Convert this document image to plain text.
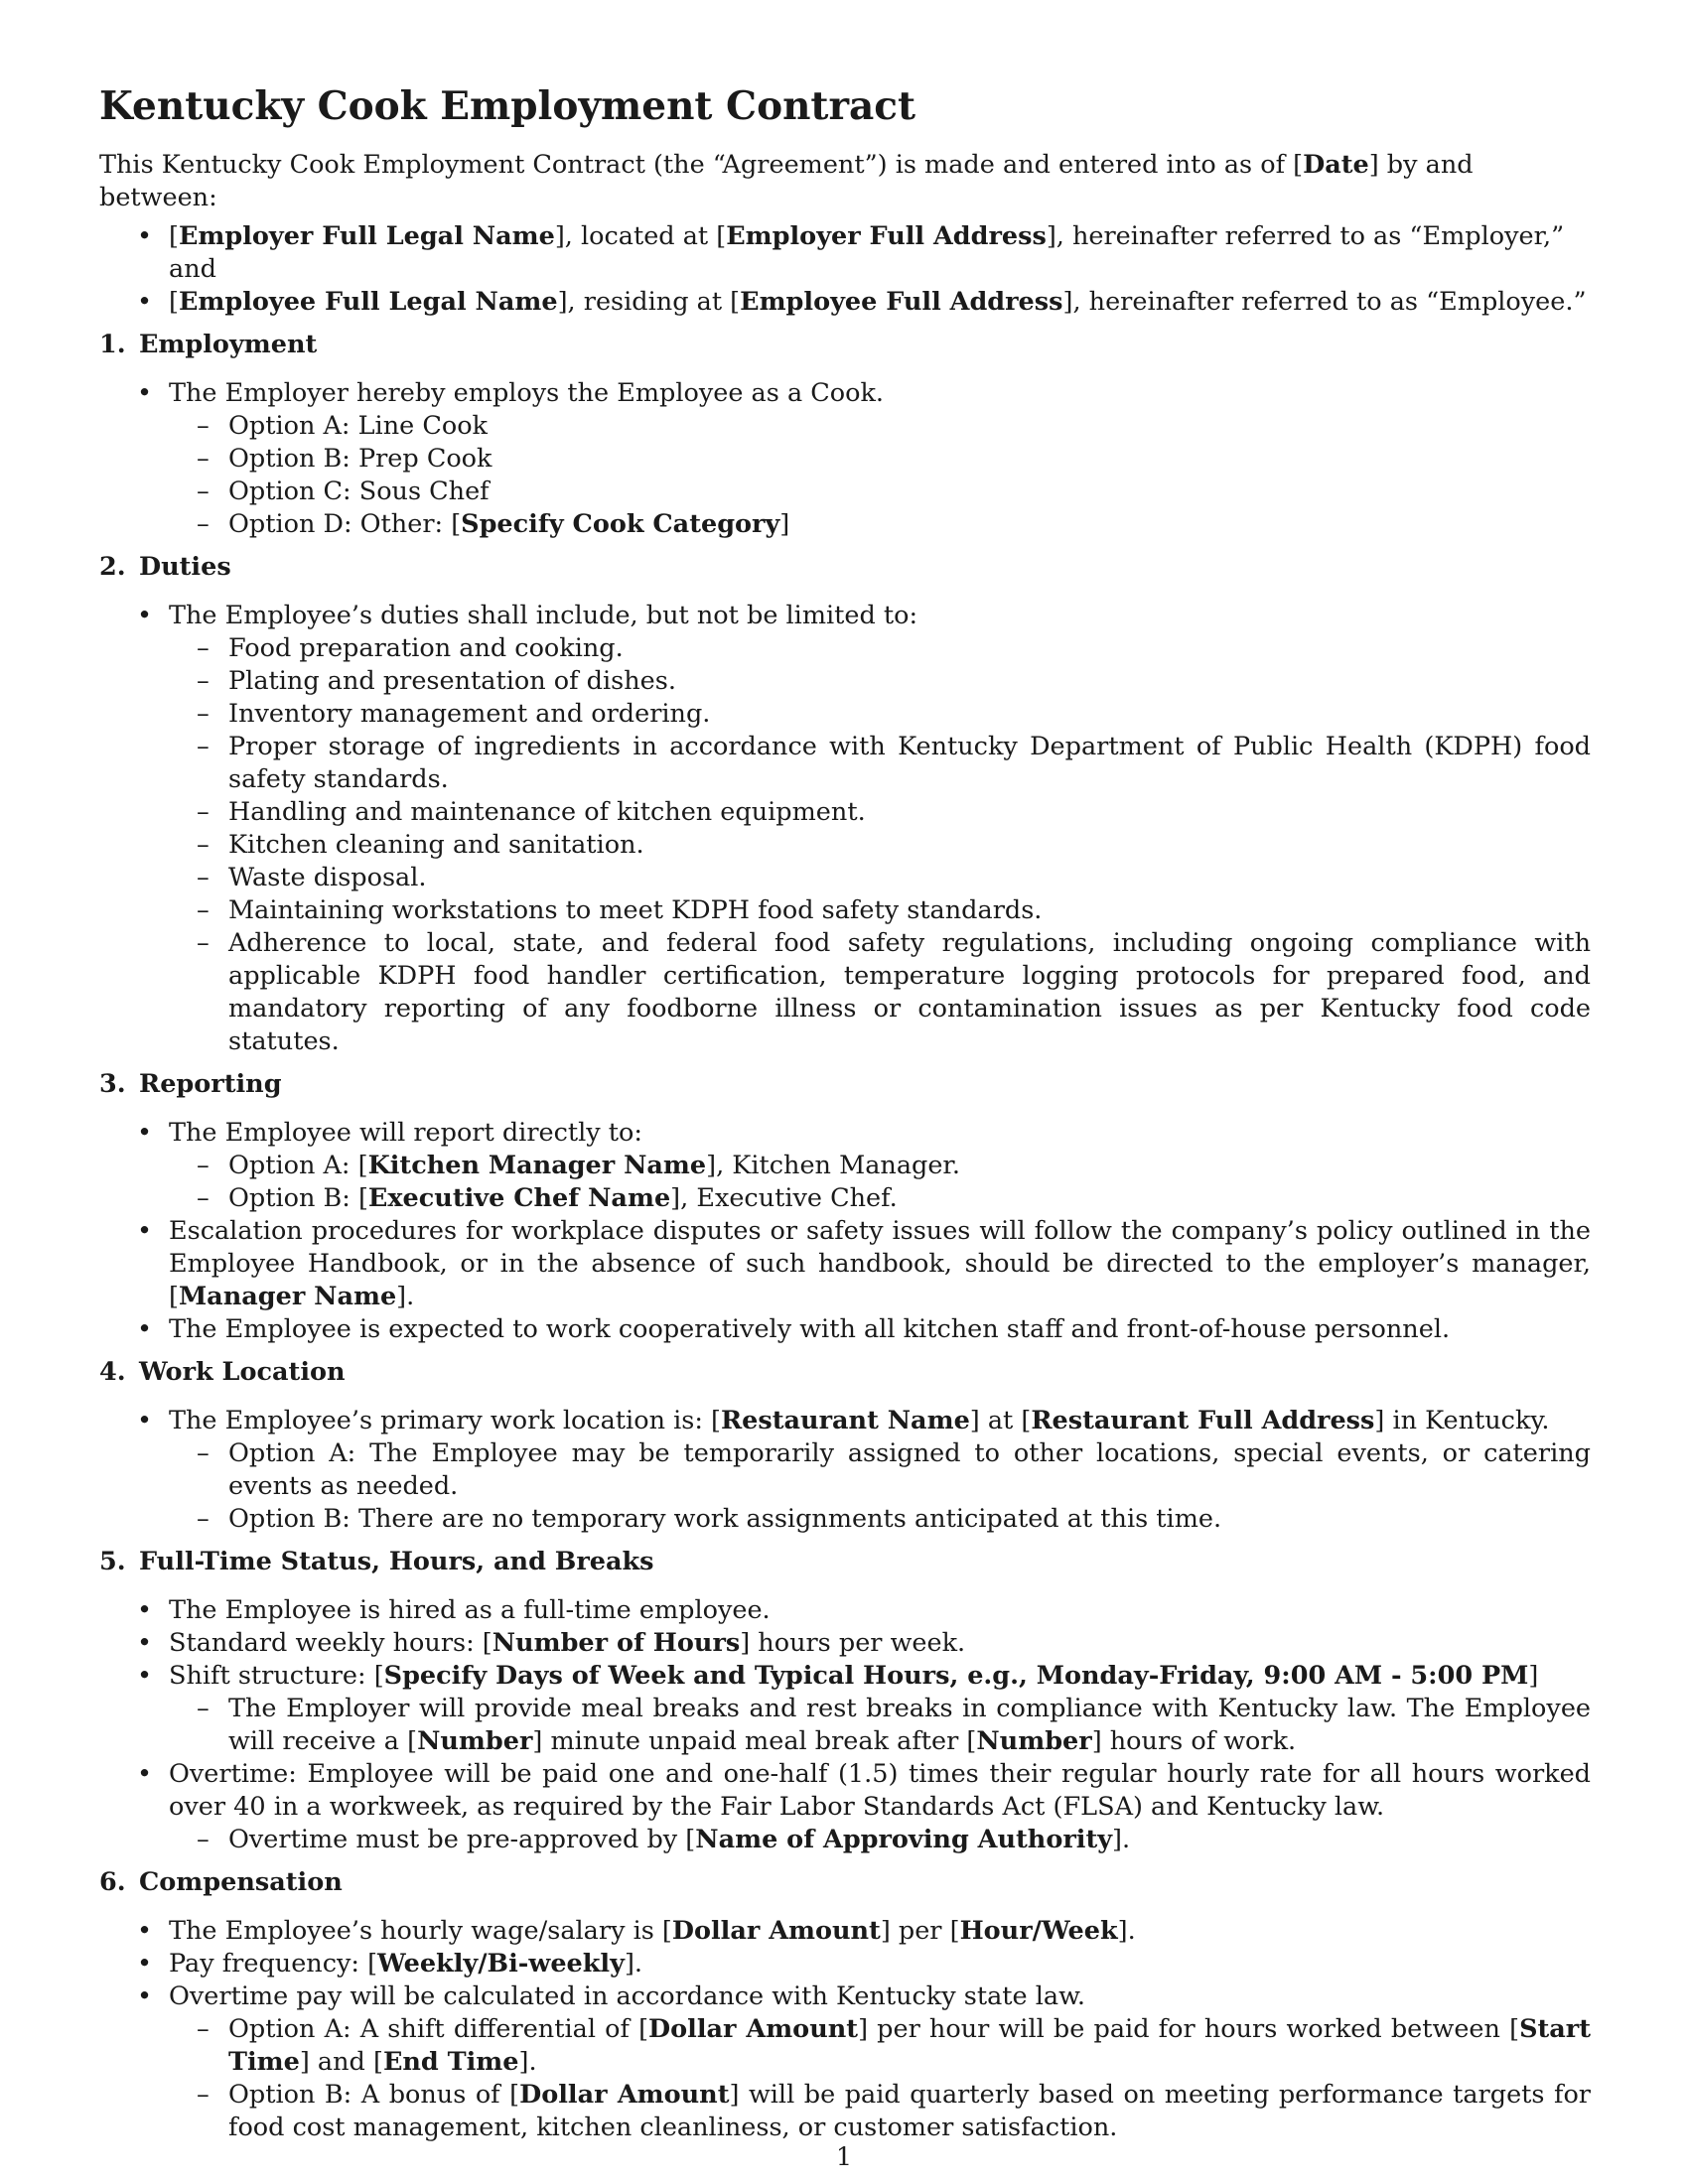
Kentucky Cook Employment Contract

This Kentucky Cook Employment Contract (the “Agreement”) is made and entered into as of [Date] by and between:

• [Employer Full Legal Name], located at [Employer Full Address], hereinafter referred to as “Employer,” and
• [Employee Full Legal Name], residing at [Employee Full Address], hereinafter referred to as “Employee.”
1. Employment
• The Employer hereby employs the Employee as a Cook.
– Option A: Line Cook
– Option B: Prep Cook
– Option C: Sous Chef
– Option D: Other: [Specify Cook Category]
2. Duties
• The Employee’s duties shall include, but not be limited to:
– Food preparation and cooking.
– Plating and presentation of dishes.
– Inventory management and ordering.
– Proper storage of ingredients in accordance with Kentucky Department of Public Health (KDPH) food safety standards.
– Handling and maintenance of kitchen equipment.
– Kitchen cleaning and sanitation.
– Waste disposal.
– Maintaining workstations to meet KDPH food safety standards.
– Adherence to local, state, and federal food safety regulations, including ongoing compliance with applicable KDPH food handler certification, temperature logging protocols for prepared food, and mandatory reporting of any foodborne illness or contamination issues as per Kentucky food code statutes.
3. Reporting
• The Employee will report directly to:
– Option A: [Kitchen Manager Name], Kitchen Manager.
– Option B: [Executive Chef Name], Executive Chef.
• Escalation procedures for workplace disputes or safety issues will follow the company’s policy outlined in the Employee Handbook, or in the absence of such handbook, should be directed to the employer’s manager, [Manager Name].
• The Employee is expected to work cooperatively with all kitchen staff and front-of-house personnel.
4. Work Location
• The Employee’s primary work location is: [Restaurant Name] at [Restaurant Full Address] in Kentucky.
– Option A: The Employee may be temporarily assigned to other locations, special events, or catering events as needed.
– Option B: There are no temporary work assignments anticipated at this time.
5. Full-Time Status, Hours, and Breaks
• The Employee is hired as a full-time employee.
• Standard weekly hours: [Number of Hours] hours per week.
• Shift structure: [Specify Days of Week and Typical Hours, e.g., Monday-Friday, 9:00 AM - 5:00 PM]
– The Employer will provide meal breaks and rest breaks in compliance with Kentucky law. The Employee will receive a [Number] minute unpaid meal break after [Number] hours of work.
• Overtime: Employee will be paid one and one-half (1.5) times their regular hourly rate for all hours worked over 40 in a workweek, as required by the Fair Labor Standards Act (FLSA) and Kentucky law.
– Overtime must be pre-approved by [Name of Approving Authority].
6. Compensation
• The Employee’s hourly wage/salary is [Dollar Amount] per [Hour/Week].
• Pay frequency: [Weekly/Bi-weekly].
• Overtime pay will be calculated in accordance with Kentucky state law.
– Option A: A shift differential of [Dollar Amount] per hour will be paid for hours worked between [Start Time] and [End Time].
– Option B: A bonus of [Dollar Amount] will be paid quarterly based on meeting performance targets for food cost management, kitchen cleanliness, or customer satisfaction.
1
